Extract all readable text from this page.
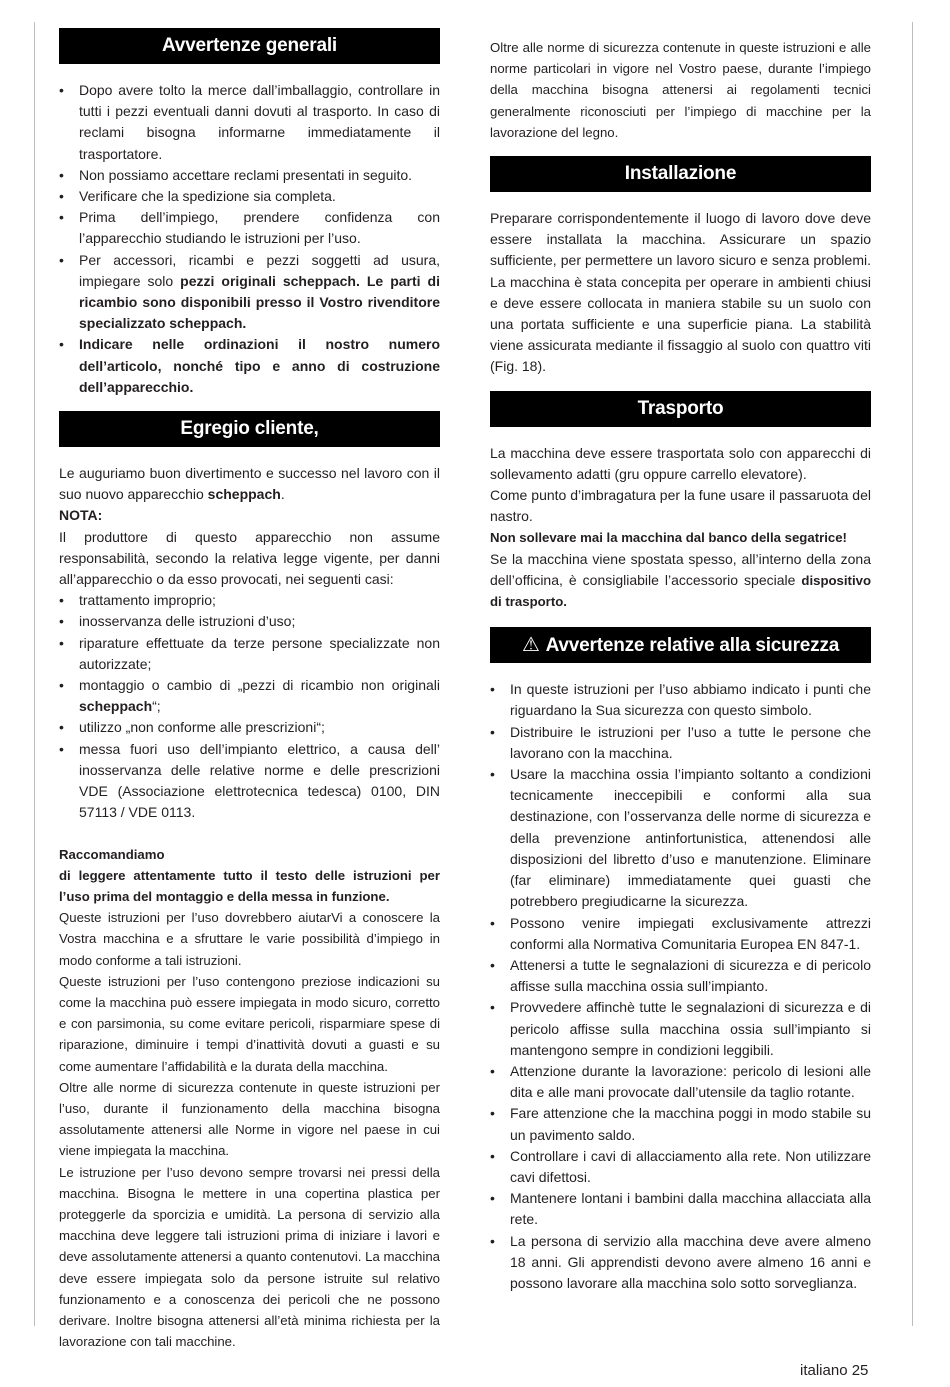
Avvertenze generali
• Dopo avere tolto la merce dall’imballaggio, controllare in tutti i pezzi eventuali danni dovuti al trasporto. In caso di reclami bisogna informarne immediatamente il trasportatore.
• Non possiamo accettare reclami presentati in seguito.
• Verificare che la spedizione sia completa.
• Prima dell’impiego, prendere confidenza con l’apparecchio studiando le istruzioni per l’uso.
• Per accessori, ricambi e pezzi soggetti ad usura, impiegare solo pezzi originali scheppach. Le parti di ricambio sono disponibili presso il Vostro rivenditore specializzato scheppach.
• Indicare nelle ordinazioni il nostro numero dell’articolo, nonché tipo e anno di costruzione dell’apparecchio.
Egregio cliente,
Le auguriamo buon divertimento e successo nel lavoro con il suo nuovo apparecchio scheppach.
NOTA:
Il produttore di questo apparecchio non assume responsabilità, secondo la relativa legge vigente, per danni all’apparecchio o da esso provocati, nei seguenti casi:
• trattamento improprio;
• inosservanza delle istruzioni d’uso;
• riparature effettuate da terze persone specializzate non autorizzate;
• montaggio o cambio di „pezzi di ricambio non originali scheppach“;
• utilizzo „non conforme alle prescrizioni“;
• messa fuori uso dell’impianto elettrico, a causa dell’ inosservanza delle relative norme e delle prescrizioni VDE (Associazione elettrotecnica tedesca) 0100, DIN 57113 / VDE 0113.
Raccomandiamo
di leggere attentamente tutto il testo delle istruzioni per l’uso prima del montaggio e della messa in funzione.

Queste istruzioni per l’uso dovrebbero aiutarVi a conoscere la Vostra macchina e a sfruttare le varie possibilità d’impiego in modo conforme a tali istruzioni.

Queste istruzioni per l’uso contengono preziose indicazioni su come la macchina può essere impiegata in modo sicuro, corretto e con parsimonia, su come evitare pericoli, risparmiare spese di riparazione, diminuire i tempi d’inattività dovuti a guasti e su come aumentare l’affidabilità e la durata della macchina.

Oltre alle norme di sicurezza contenute in queste istruzioni per l’uso, durante il funzionamento della macchina bisogna assolutamente attenersi alle Norme in vigore nel paese in cui viene impiegata la macchina.

Le istruzione per l’uso devono sempre trovarsi nei pressi della macchina. Bisogna le mettere in una copertina plastica per proteggerle da sporcizia e umidità. La persona di servizio alla macchina deve leggere tali istruzioni prima di iniziare i lavori e deve assolutamente attenersi a quanto contenutovi. La macchina deve essere impiegata solo da persone istruite sul relativo funzionamento e a conoscenza dei pericoli che ne possono derivare. Inoltre bisogna attenersi all’età minima richiesta per la lavorazione con tali macchine.

Oltre alle norme di sicurezza contenute in queste istruzioni e alle norme particolari in vigore nel Vostro paese, durante l’impiego della macchina bisogna attenersi ai regolamenti tecnici generalmente riconosciuti per l’impiego di macchine per la lavorazione del legno.

Installazione

Preparare corrispondentemente il luogo di lavoro dove deve essere installata la macchina. Assicurare un spazio sufficiente, per permettere un lavoro sicuro e senza problemi. La macchina è stata concepita per operare in ambienti chiusi e deve essere collocata in maniera stabile su un suolo con una portata sufficiente e una superficie piana. La stabilità viene assicurata mediante il fissaggio al suolo con quattro viti (Fig. 18).

Trasporto

La macchina deve essere trasportata solo con apparecchi di sollevamento adatti (gru oppure carrello elevatore).

Come punto d’imbragatura per la fune usare il passaruota del nastro.

Non sollevare mai la macchina dal banco della segatrice!

Se la macchina viene spostata spesso, all’interno della zona dell’officina, è consigliabile l’accessorio speciale dispositivo di trasporto.

⚠ Avvertenze relative alla sicurezza
• In queste istruzioni per l’uso abbiamo indicato i punti che riguardano la Sua sicurezza con questo simbolo.
• Distribuire le istruzioni per l’uso a tutte le persone che lavorano con la macchina.
• Usare la macchina ossia l’impianto soltanto a condizioni tecnicamente ineccepibili e conformi alla sua destinazione, con l’osservanza delle norme di sicurezza e della prevenzione antinfortunistica, attenendosi alle disposizioni del libretto d’uso e manutenzione. Eliminare (far eliminare) immediatamente quei guasti che potrebbero pregiudicarne la sicurezza.
• Possono venire impiegati exclusivamente attrezzi conformi alla Normativa Comunitaria Europea EN 847-1.
• Attenersi a tutte le segnalazioni di sicurezza e di pericolo affisse sulla macchina ossia sull’impianto.
• Provvedere affinchè tutte le segnalazioni di sicurezza e di pericolo affisse sulla macchina ossia sull’impianto si mantengono sempre in condizioni leggibili.
• Attenzione durante la lavorazione: pericolo di lesioni alle dita e alle mani provocate dall’utensile da taglio rotante.
• Fare attenzione che la macchina poggi in modo stabile su un pavimento saldo.
• Controllare i cavi di allacciamento alla rete. Non utilizzare cavi difettosi.
• Mantenere lontani i bambini dalla macchina allacciata alla rete.
• La persona di servizio alla macchina deve avere almeno 18 anni. Gli apprendisti devono avere almeno 16 anni e possono lavorare alla macchina solo sotto sorveglianza.
italiano 25
